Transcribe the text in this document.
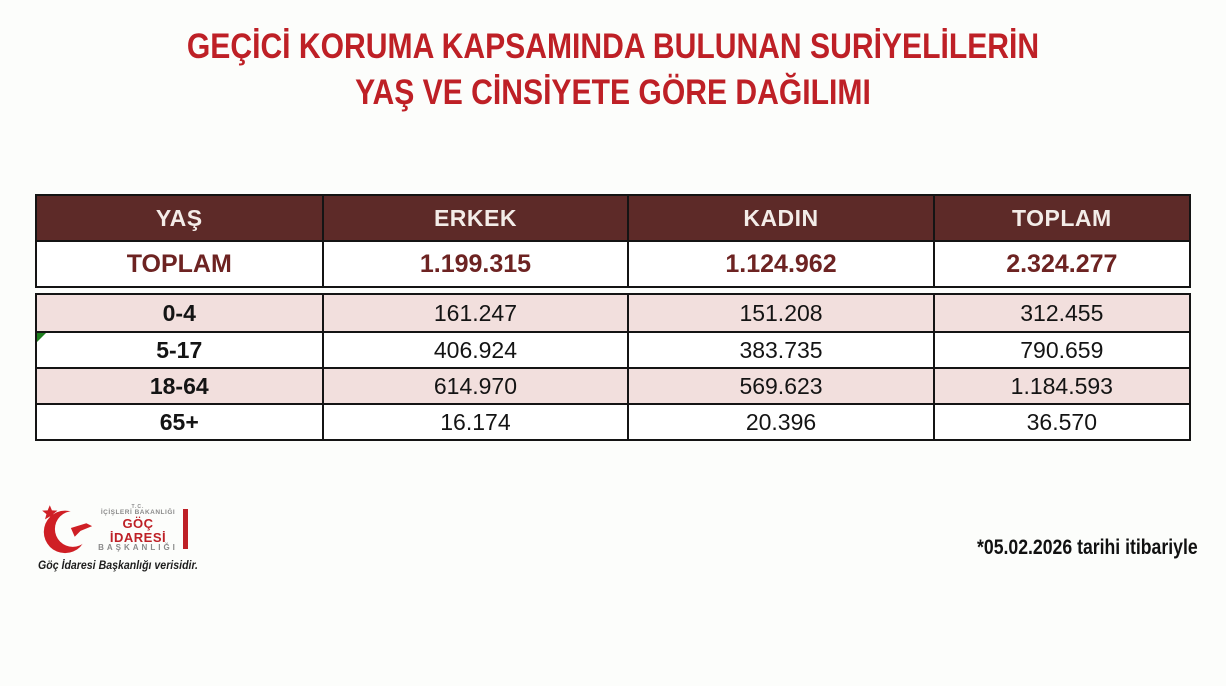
GEÇİCİ KORUMA KAPSAMINDA BULUNAN SURİYELİLERİN
YAŞ VE CİNSİYETE GÖRE DAĞILIMI
YAŞ	ERKEK	KADIN	TOPLAM
TOPLAM	1.199.315	1.124.962	2.324.277
0-4	161.247	151.208	312.455
5-17	406.924	383.735	790.659
18-64	614.970	569.623	1.184.593
65+	16.174	20.396	36.570
T.C.
İÇİŞLERİ BAKANLIĞI
GÖÇ İDARESİ
BAŞKANLIĞI
Göç İdaresi Başkanlığı verisidir.
*05.02.2026 tarihi itibariyle
